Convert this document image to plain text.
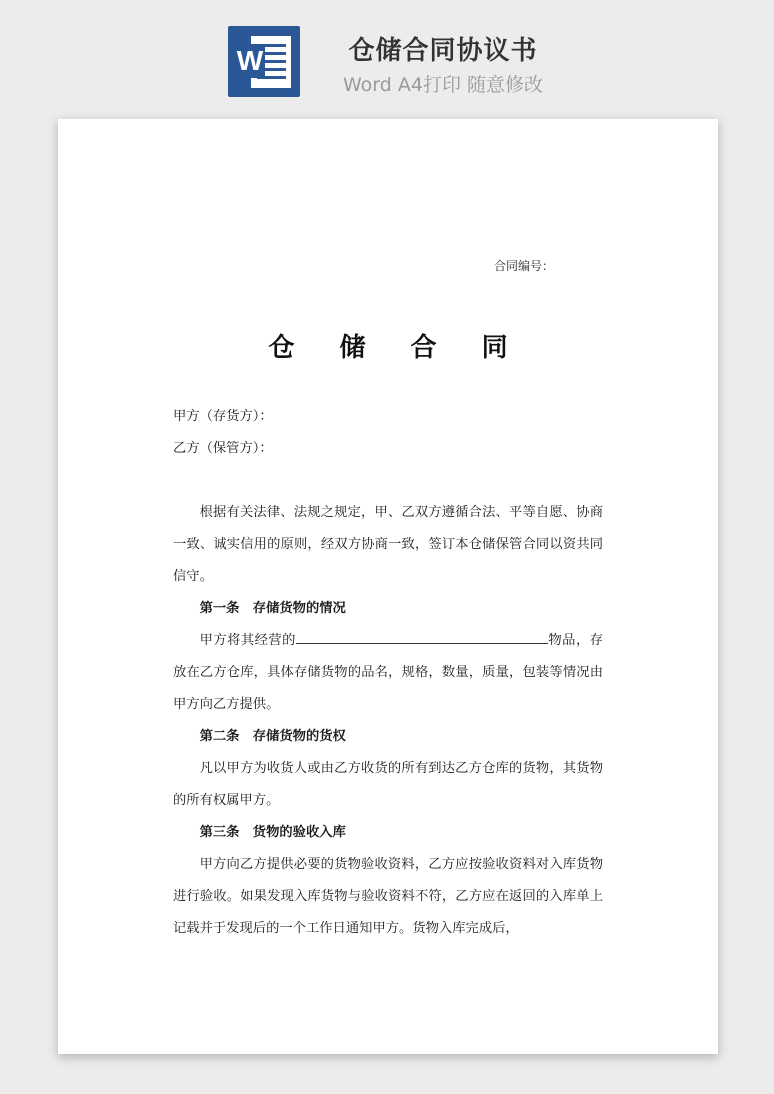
W	仓储合同协议书
Word A4打印 随意修改

合同编号：
仓 储 合 同

甲方（存货方）：

乙方（保管方）：

根据有关法律、法规之规定，甲、乙双方遵循合法、平等自愿、协商一致、诚实信用的原则，经双方协商一致，签订本仓储保管合同以资共同信守。

第一条　存储货物的情况

甲方将其经营的	物品，存放在乙方仓库，具体存储货物的品名，规格，数量，质量，包装等情况由甲方向乙方提供。

第二条　存储货物的货权

凡以甲方为收货人或由乙方收货的所有到达乙方仓库的货物，其货物的所有权属甲方。

第三条　货物的验收入库

甲方向乙方提供必要的货物验收资料，乙方应按验收资料对入库货物进行验收。如果发现入库货物与验收资料不符，乙方应在返回的入库单上记载并于发现后的一个工作日通知甲方。货物入库完成后，
